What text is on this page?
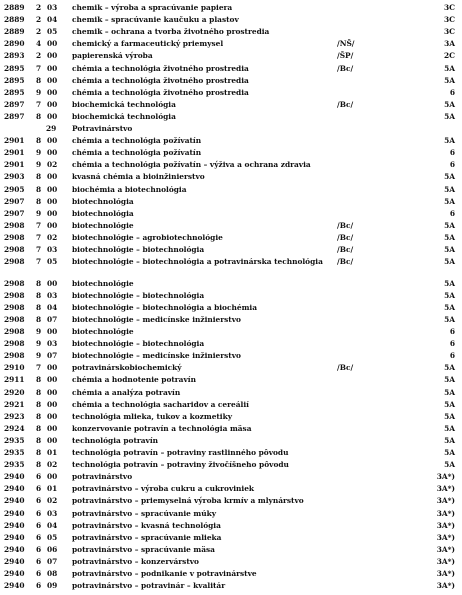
2889	2 03	chemik – výroba a spracúvanie papiera	3C
2889	2 04	chemik – spracúvanie kaučuku a plastov	3C
2889	2 05	chemik – ochrana a tvorba životného prostredia	3C
2890	4 00	chemický a farmaceutický priemysel	/NŠ/	3A
2893	2 00	papierenská výroba	/ŠP/	2C
2895	7 00	chémia a technológia životného prostredia	/Bc/	5A
2895	8 00	chémia a technológia životného prostredia	5A
2895	9 00	chémia a technológia životného prostredia	6
2897	7 00	biochemická technológia	/Bc/	5A
2897	8 00	biochemická technológia	5A
29	Potravinárstvo
2901	8 00	chémia a technológia požívatín	5A
2901	9 00	chémia a technológia požívatín	6
2901	9 02	chémia a technológia požívatín – výživa a ochrana zdravia	6
2903	8 00	kvasná chémia a bioinžinierstvo	5A
2905	8 00	biochémia a biotechnológia	5A
2907	8 00	biotechnológia	5A
2907	9 00	biotechnológia	6
2908	7 00	biotechnológie	/Bc/	5A
2908	7 02	biotechnológie – agrobiotechnológie	/Bc/	5A
2908	7 03	biotechnológie – biotechnológia	/Bc/	5A
2908	7 05	biotechnológie – biotechnológia a potravinárska technológia	/Bc/	5A
2908	8 00	biotechnológie	5A
2908	8 03	biotechnológie – biotechnológia	5A
2908	8 04	biotechnológie – biotechnológia a biochémia	5A
2908	8 07	biotechnológie – medicínske inžinierstvo	5A
2908	9 00	biotechnológie	6
2908	9 03	biotechnológie – biotechnológia	6
2908	9 07	biotechnológie – medicínske inžinierstvo	6
2910	7 00	potravinárskobiochemický	/Bc/	5A
2911	8 00	chémia a hodnotenie potravín	5A
2920	8 00	chémia a analýza potravín	5A
2921	8 00	chémia a technológia sacharidov a cereálií	5A
2923	8 00	technológia mlieka, tukov a kozmetiky	5A
2924	8 00	konzervovanie potravín a technológia mäsa	5A
2935	8 00	technológia potravín	5A
2935	8 01	technológia potravín – potraviny rastlinného pôvodu	5A
2935	8 02	technológia potravín – potraviny živočíšneho pôvodu	5A
2940	6 00	potravinárstvo	3A*)
2940	6 01	potravinárstvo – výroba cukru a cukroviniek	3A*)
2940	6 02	potravinárstvo – priemyselná výroba krmív a mlynárstvo	3A*)
2940	6 03	potravinárstvo – spracúvanie múky	3A*)
2940	6 04	potravinárstvo – kvasná technológia	3A*)
2940	6 05	potravinárstvo – spracúvanie mlieka	3A*)
2940	6 06	potravinárstvo – spracúvanie mäsa	3A*)
2940	6 07	potravinárstvo – konzervárstvo	3A*)
2940	6 08	potravinárstvo – podnikanie v potravinárstve	3A*)
2940	6 09	potravinárstvo – potravinár – kvalitár	3A*)
